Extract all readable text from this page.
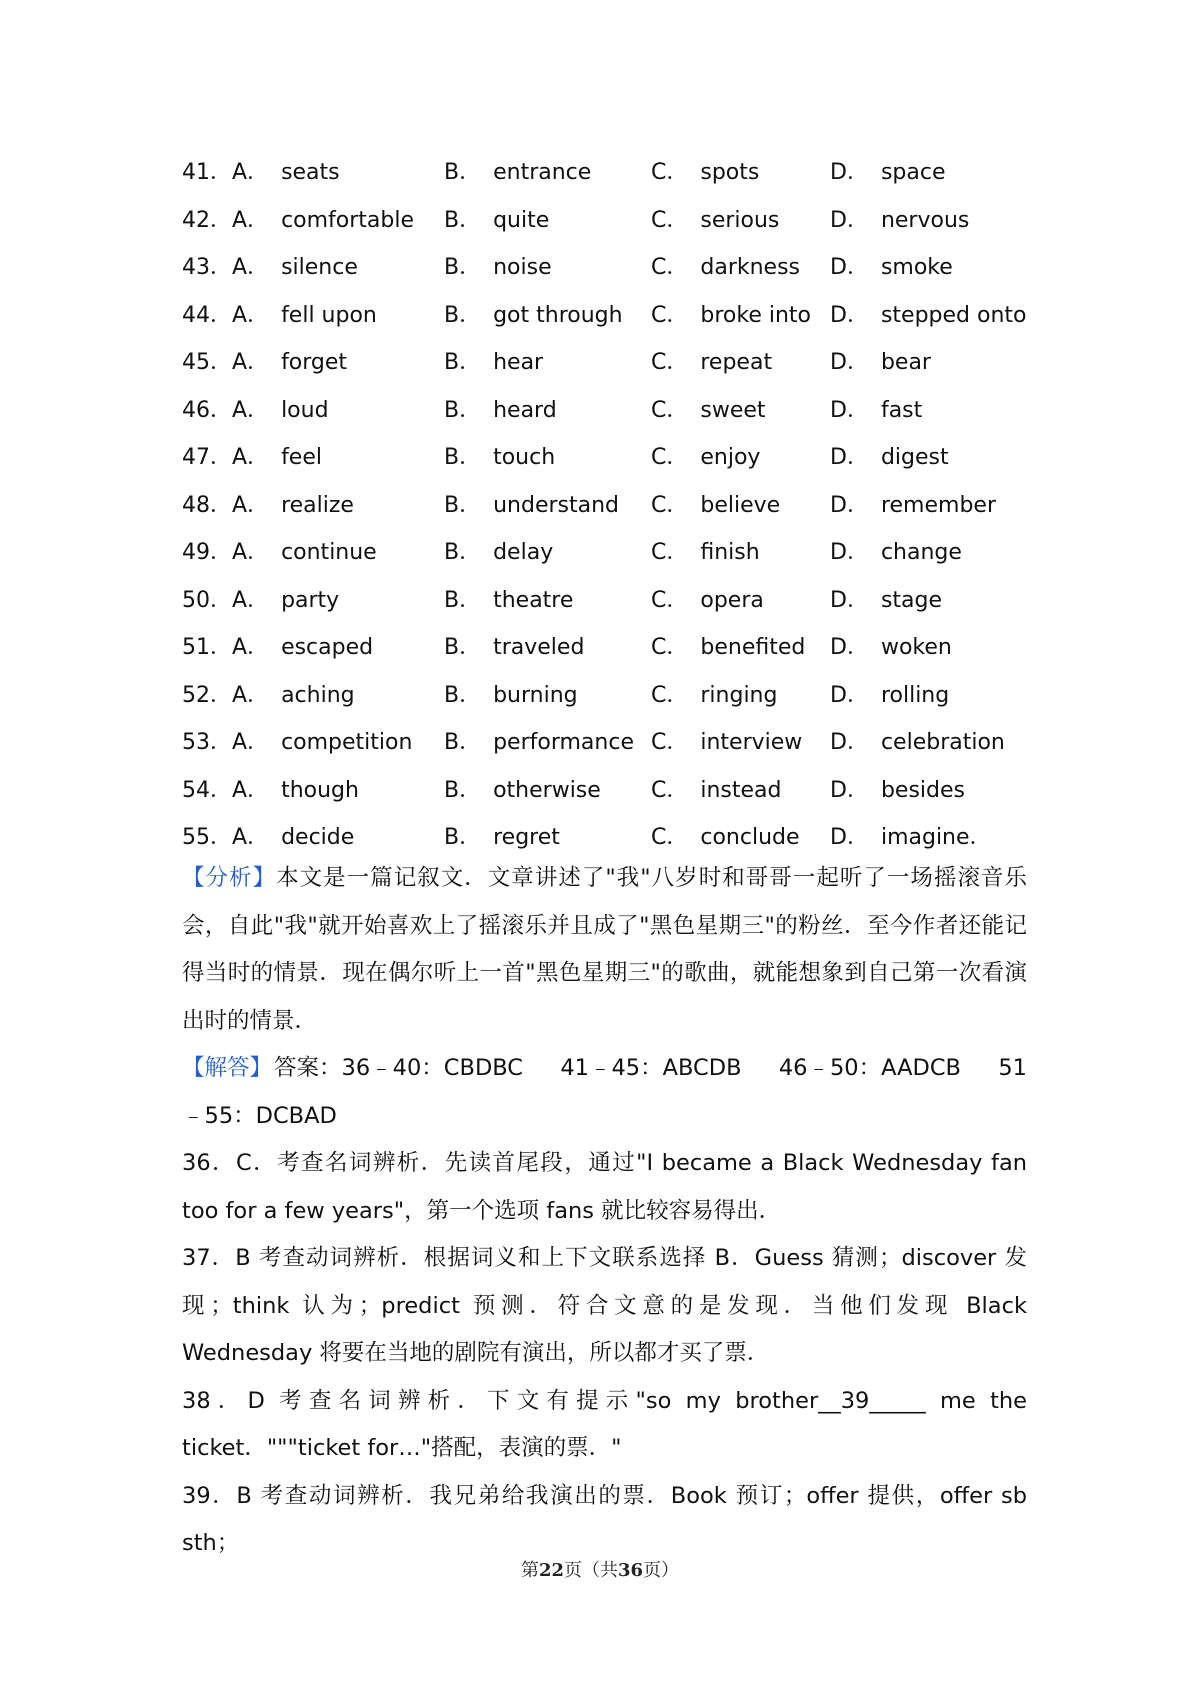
41． A． seats	B． entrance	C． spots	D． space
42． A． comfortable B． quite	C． serious D． nervous
43． A． silence	B． noise	C． darkness D． smoke
44． A． fell upon	B． got through C． broke into D． stepped onto
45． A． forget	B． hear	C． repeat	D． bear
46． A． loud	B． heard	C． sweet	D． fast
47． A． feel	B． touch	C． enjoy	D． digest
48． A． realize	B． understand C． believe D． remember
49． A． continue	B． delay	C． finish	D． change
50． A． party	B． theatre	C． opera	D． stage
51． A． escaped	B． traveled	C． benefited D． woken
52． A． aching	B． burning	C． ringing D． rolling
53． A． competition B． performance C． interview D． celebration
54． A． though	B． otherwise C． instead D． besides
55． A． decide	B． regret	C． conclude D． imagine．

【分析】本文是一篇记叙文．文章讲述了"我"八岁时和哥哥一起听了一场摇滚音乐会，自此"我"就开始喜欢上了摇滚乐并且成了"黑色星期三"的粉丝．至今作者还能记得当时的情景．现在偶尔听上一首"黑色星期三"的歌曲，就能想象到自己第一次看演出时的情景．

【解答】答案：36﹣40：CBDBC 41﹣45：ABCDB 46﹣50：AADCB 51

﹣55：DCBAD

36．C．考查名词辨析．先读首尾段，通过"I became a Black Wednesday fan too for a few years"，第一个选项 fans 就比较容易得出．

37．B 考查动词辨析．根据词义和上下文联系选择 B．Guess 猜测；discover 发现；think 认为；predict 预测．符合文意的是发现．当他们发现 Black Wednesday 将要在当地的剧院有演出，所以都才买了票．

38．D 考查名词辨析．下文有提示"so my brother__39_____ me the ticket．"""ticket for…"搭配，表演的票．"

39．B 考查动词辨析．我兄弟给我演出的票．Book 预订；offer 提供，offer sb sth；

第22页（共36页）
